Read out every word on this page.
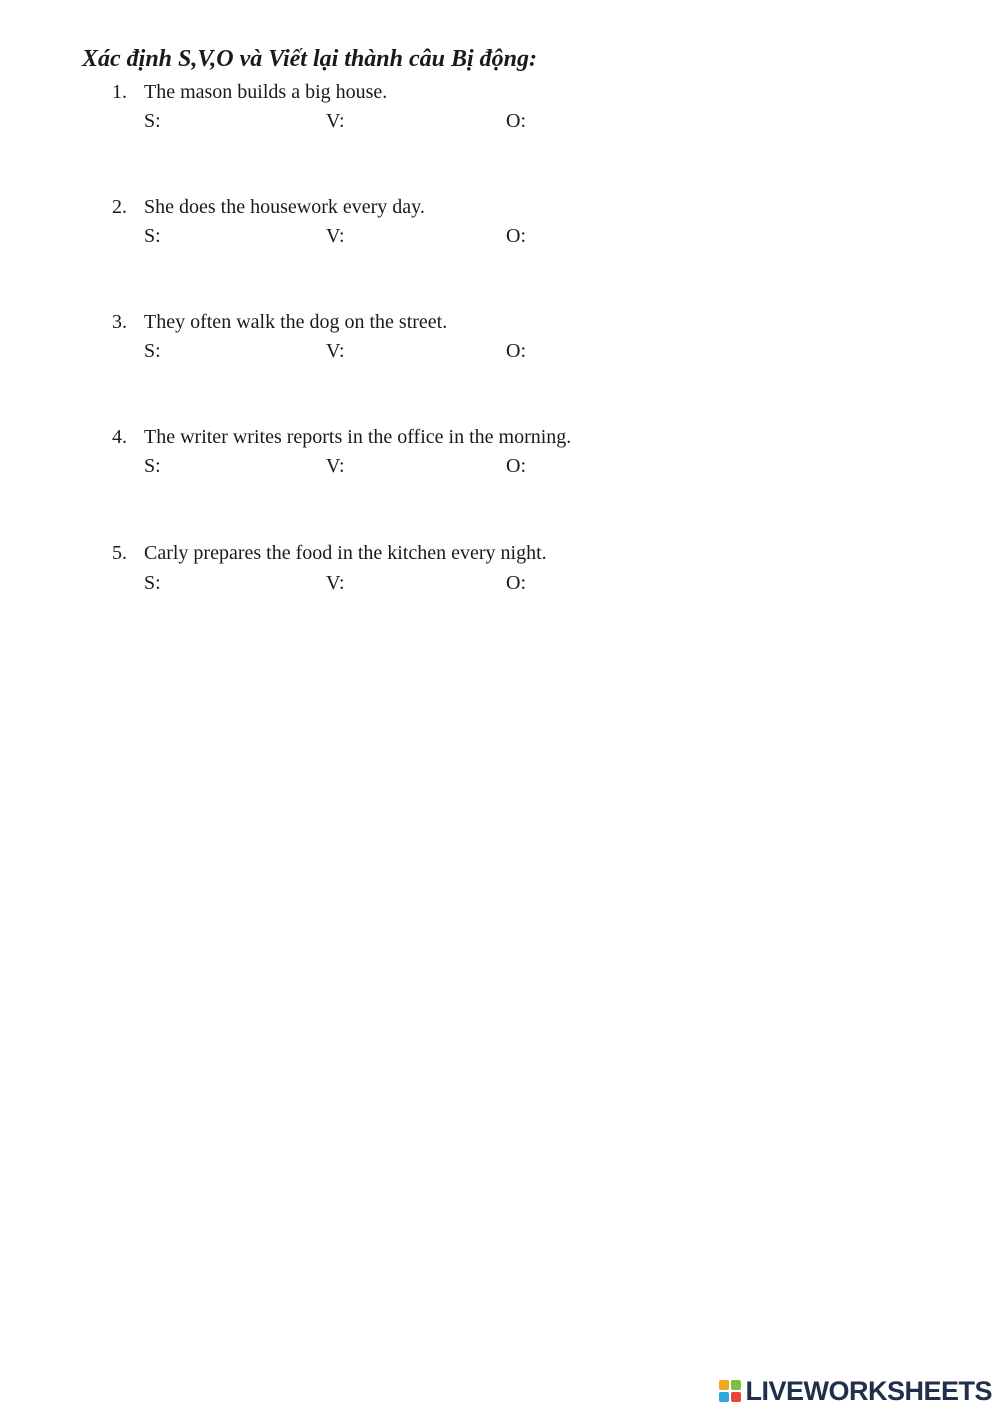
Xác định S,V,O và Viết lại thành câu Bị động:
1. The mason builds a big house.
S:	V:	O:
2. She does the housework every day.
S:	V:	O:
3. They often walk the dog on the street.
S:	V:	O:
4. The writer writes reports in the office in the morning.
S:	V:	O:
5. Carly prepares the food in the kitchen every night.
S:	V:	O:
LIVEWORKSHEETS
